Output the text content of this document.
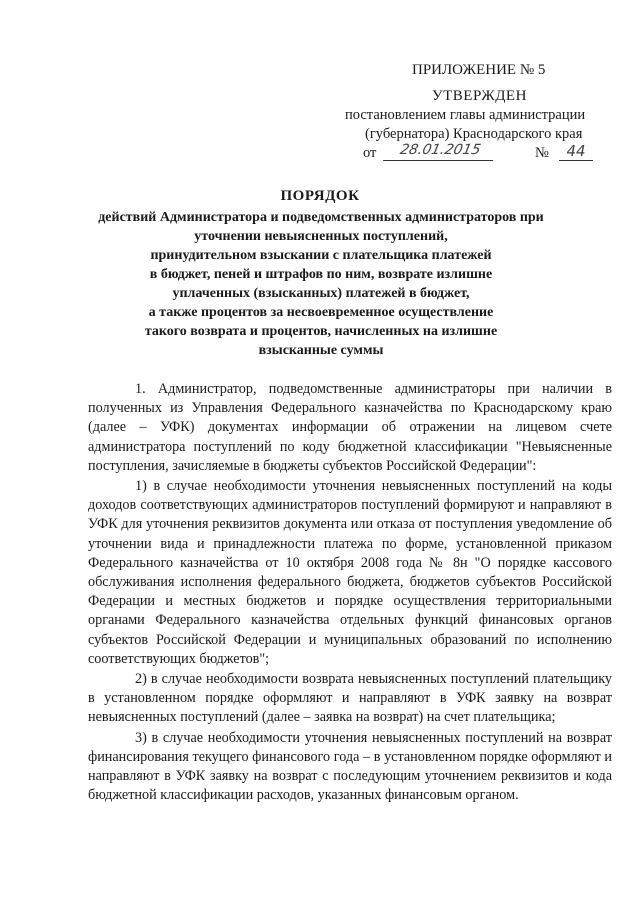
ПРИЛОЖЕНИЕ № 5
УТВЕРЖДЕН
постановлением главы администрации
(губернатора) Краснодарского края
от	28.01.2015	№	44
ПОРЯДОК
действий Администратора и подведомственных администраторов при
уточнении невыясненных поступлений,
принудительном взыскании с плательщика платежей
в бюджет, пеней и штрафов по ним, возврате излишне
уплаченных (взысканных) платежей в бюджет,
а также процентов за несвоевременное осуществление
такого возврата и процентов, начисленных на излишне
взысканные суммы

1. Администратор, подведомственные администраторы при наличии в полученных из Управления Федерального казначейства по Краснодарскому краю (далее – УФК) документах информации об отражении на лицевом счете администратора поступлений по коду бюджетной классификации "Невыясненные поступления, зачисляемые в бюджеты субъектов Российской Федерации":

1) в случае необходимости уточнения невыясненных поступлений на коды доходов соответствующих администраторов поступлений формируют и направляют в УФК для уточнения реквизитов документа или отказа от поступления уведомление об уточнении вида и принадлежности платежа по форме, установленной приказом Федерального казначейства от 10 октября 2008 года № 8н "О порядке кассового обслуживания исполнения федерального бюджета, бюджетов субъектов Российской Федерации и местных бюджетов и порядке осуществления территориальными органами Федерального казначейства отдельных функций финансовых органов субъектов Российской Федерации и муниципальных образований по исполнению соответствующих бюджетов";

2) в случае необходимости возврата невыясненных поступлений плательщику в установленном порядке оформляют и направляют в УФК заявку на возврат невыясненных поступлений (далее – заявка на возврат) на счет плательщика;

3) в случае необходимости уточнения невыясненных поступлений на возврат финансирования текущего финансового года – в установленном порядке оформляют и направляют в УФК заявку на возврат с последующим уточнением реквизитов и кода бюджетной классификации расходов, указанных финансовым органом.
